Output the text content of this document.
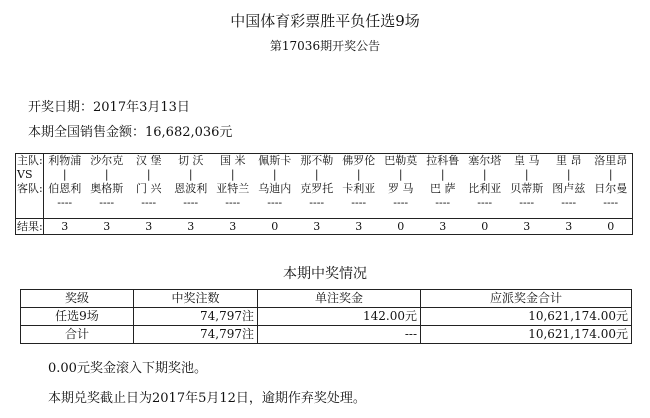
中国体育彩票胜平负任选9场
第17036期开奖公告
开奖日期：2017年3月13日
本期全国销售金额：16,682,036元
主队:	利物浦	沙尔克	汉 堡	切 沃	国 米	佩斯卡	那不勒	佛罗伦	巴勒莫	拉科鲁	塞尔塔	皇 马	里 昂	洛里昂
VS	|	|	|	|	|	|	|	|	|	|	|	|	|	|
客队:	伯恩利	奥格斯	门 兴	恩波利	亚特兰	乌迪内	克罗托	卡利亚	罗 马	巴 萨	比利亚	贝蒂斯	图卢兹	日尔曼
	----	----	----	----	----	----	----	----	----	----	----	----	----	----

结果:	3	3	3	3	3	0	3	3	0	3	0	3	3	0
本期中奖情况
奖级	中奖注数	单注奖金	应派奖金合计
任选9场	74,797注	142.00元	10,621,174.00元
合计	74,797注	---	10,621,174.00元
0.00元奖金滚入下期奖池。
本期兑奖截止日为2017年5月12日，逾期作弃奖处理。
